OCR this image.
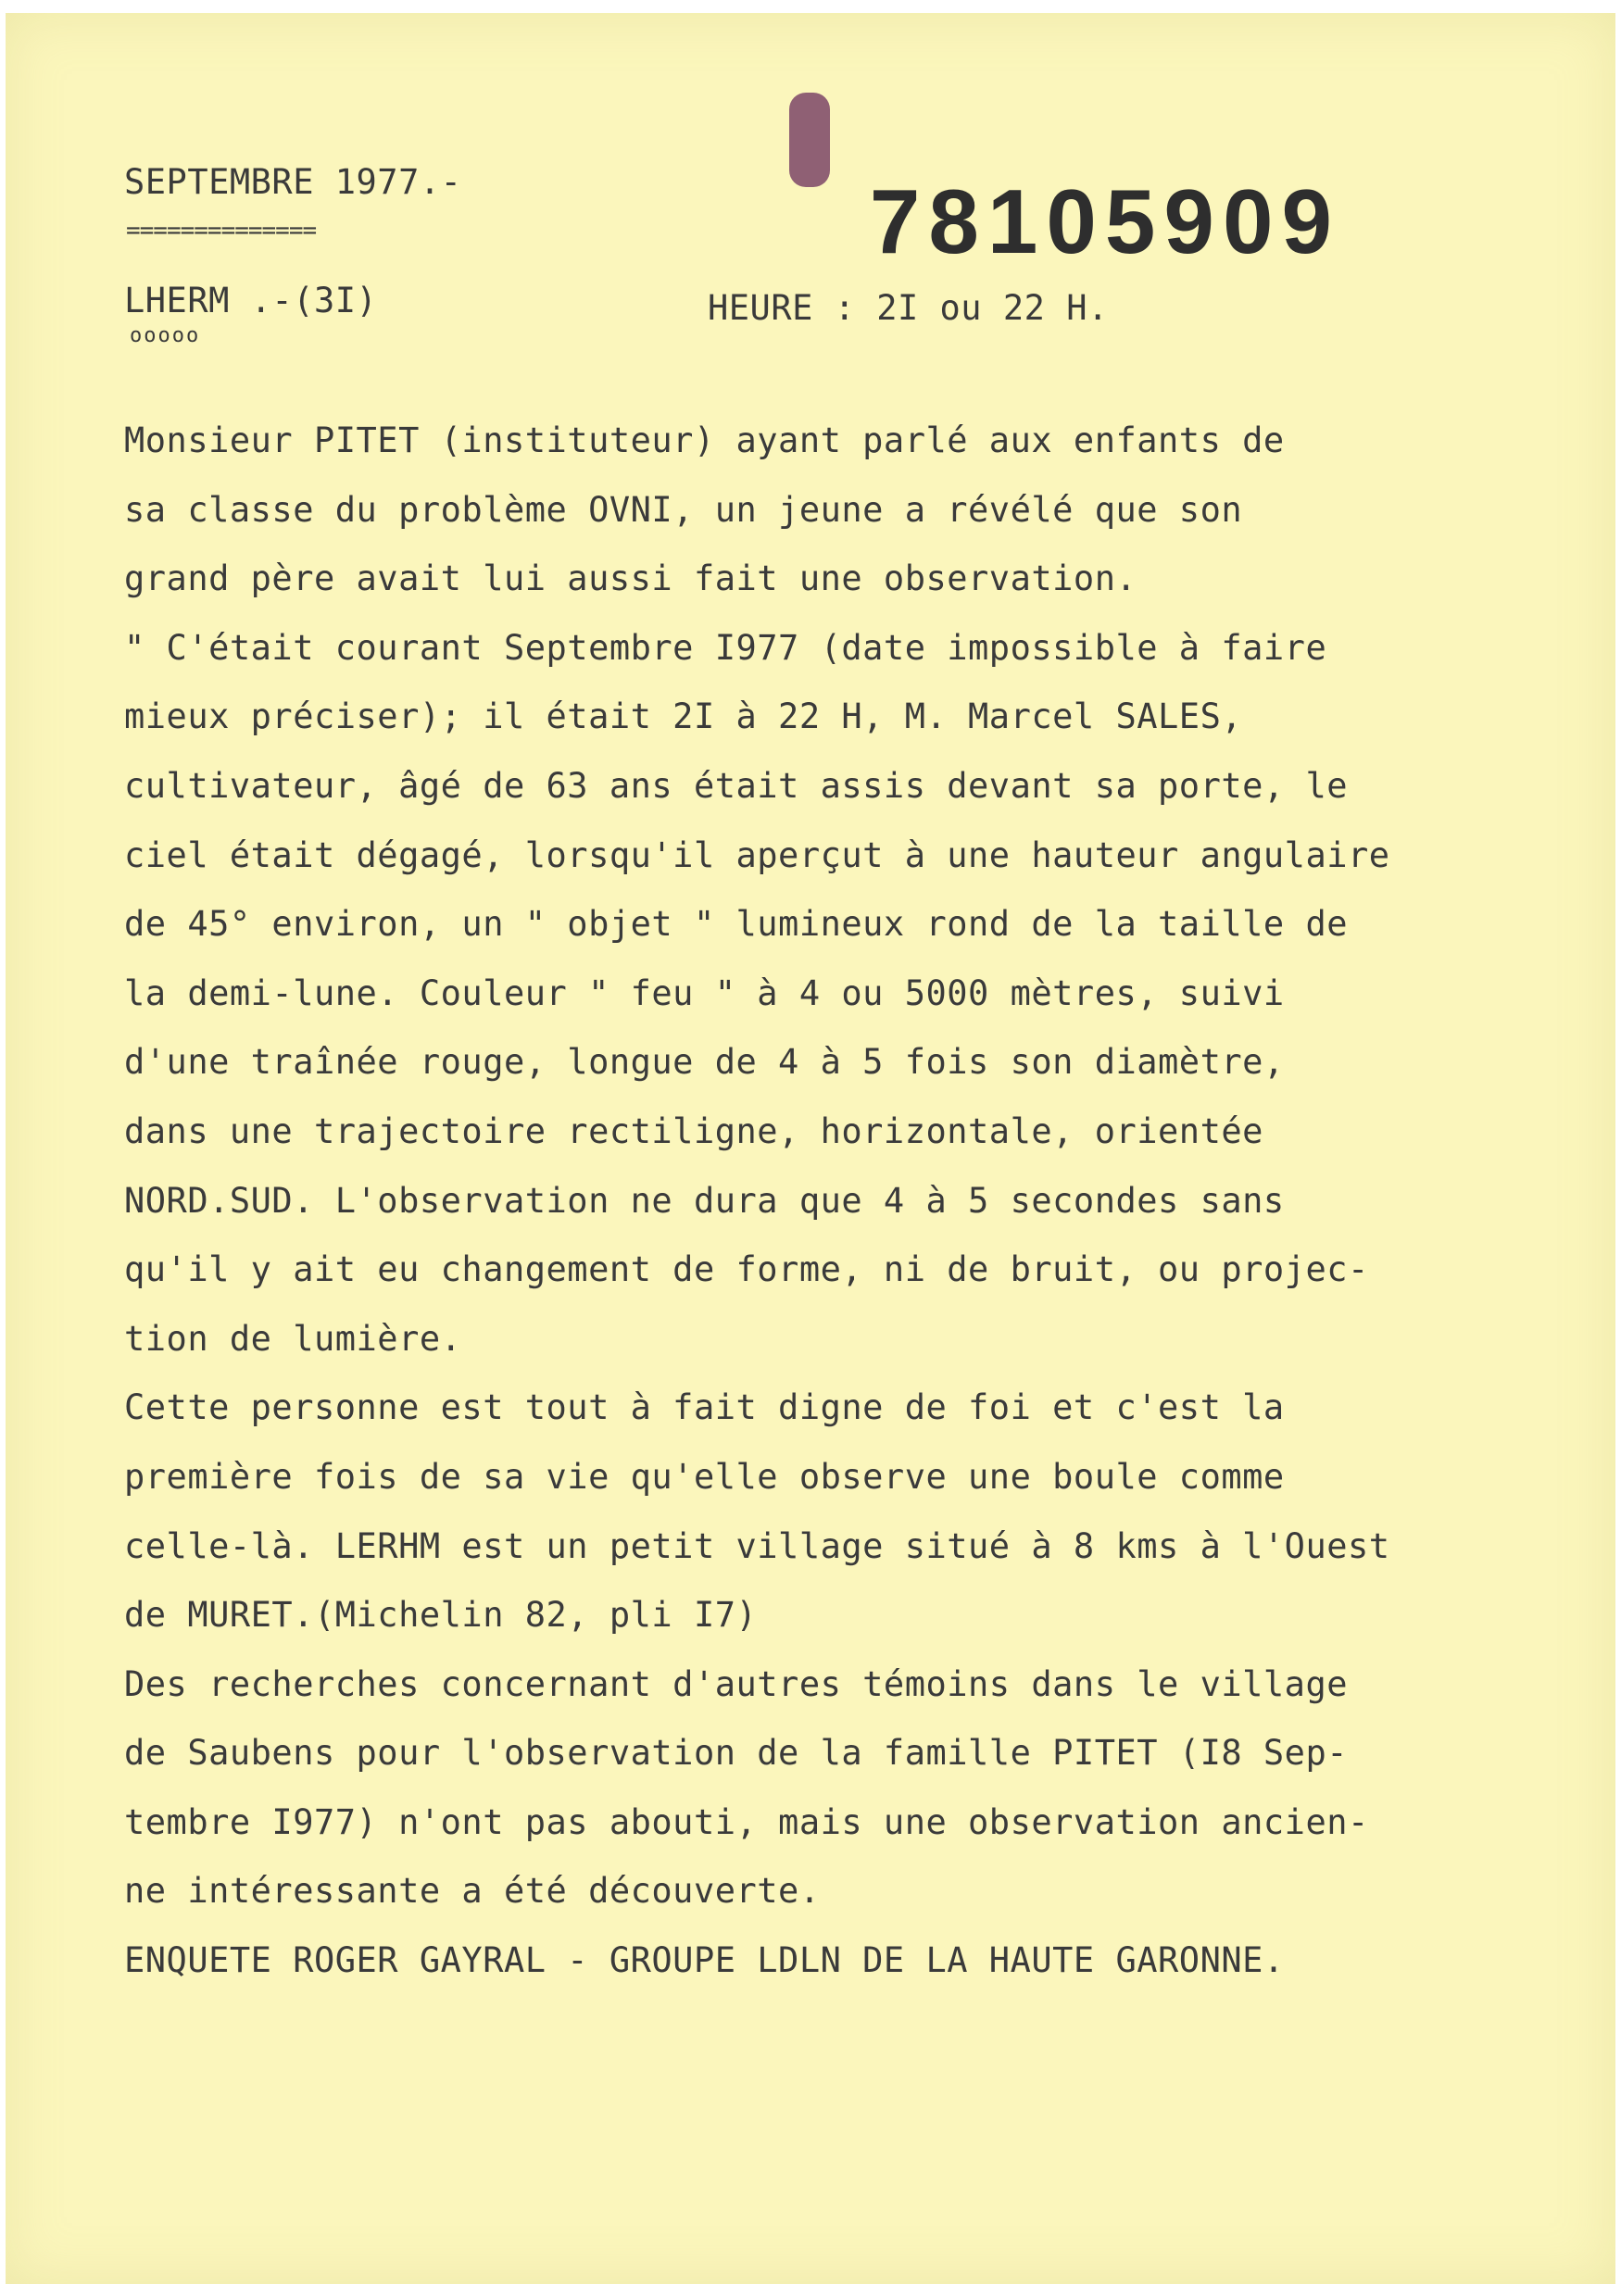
SEPTEMBRE 1977.-
==============	78105909

LHERM .-(3I)
ooooo
HEURE : 2I ou 22 H.
Monsieur PITET (instituteur) ayant parlé aux enfants de
sa classe du problème OVNI, un jeune a révélé que son
grand père avait lui aussi fait une observation.
" C'était courant Septembre I977 (date impossible à faire
mieux préciser); il était 2I à 22 H, M. Marcel SALES,
cultivateur, âgé de 63 ans était assis devant sa porte, le
ciel était dégagé, lorsqu'il aperçut à une hauteur angulaire
de 45° environ, un " objet " lumineux rond de la taille de
la demi-lune. Couleur " feu " à 4 ou 5000 mètres, suivi
d'une traînée rouge, longue de 4 à 5 fois son diamètre,
dans une trajectoire rectiligne, horizontale, orientée
NORD.SUD. L'observation ne dura que 4 à 5 secondes sans
qu'il y ait eu changement de forme, ni de bruit, ou projec-
tion de lumière.
Cette personne est tout à fait digne de foi et c'est la
première fois de sa vie qu'elle observe une boule comme
celle-là. LERHM est un petit village situé à 8 kms à l'Ouest
de MURET.(Michelin 82, pli I7)
Des recherches concernant d'autres témoins dans le village
de Saubens pour l'observation de la famille PITET (I8 Sep-
tembre I977) n'ont pas abouti, mais une observation ancien-
ne intéressante a été découverte.
ENQUETE ROGER GAYRAL - GROUPE LDLN DE LA HAUTE GARONNE.
